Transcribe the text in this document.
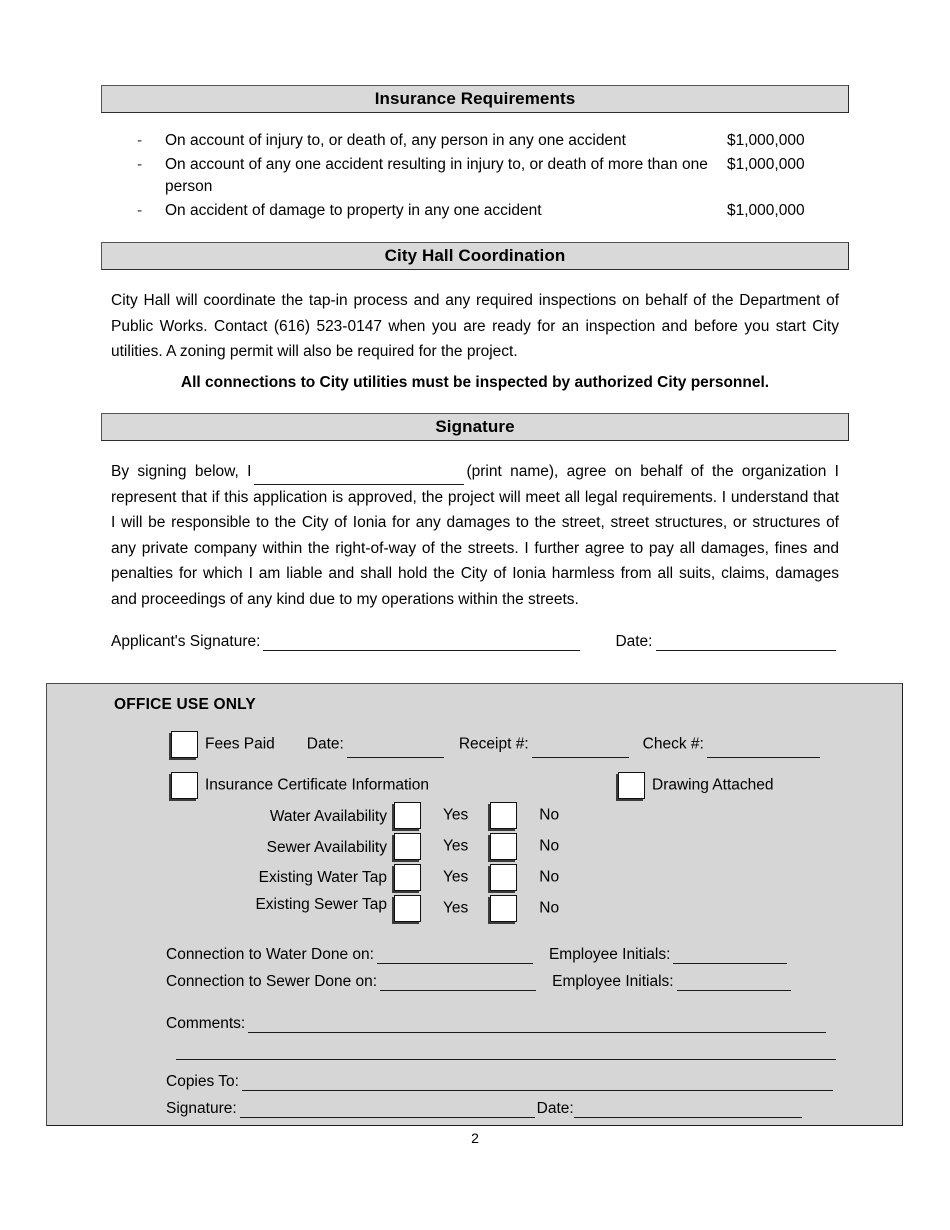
Insurance Requirements
- On account of injury to, or death of, any person in any one accident	$1,000,000
- On account of any one accident resulting in injury to, or death of more than one person
$1,000,000
- On accident of damage to property in any one accident	$1,000,000
City Hall Coordination
City Hall will coordinate the tap-in process and any required inspections on behalf of the Department of Public Works. Contact (616) 523-0147 when you are ready for an inspection and before you start City utilities. A zoning permit will also be required for the project.
All connections to City utilities must be inspected by authorized City personnel.
Signature
By signing below, I	(print name), agree on behalf of the organization I represent that if this application is approved, the project will meet all legal requirements. I understand that I will be responsible to the City of Ionia for any damages to the street, street structures, or structures of any private company within the right-of-way of the streets. I further agree to pay all damages, fines and penalties for which I am liable and shall hold the City of Ionia harmless from all suits, claims, damages and proceedings of any kind due to my operations within the streets.
Applicant's Signature:	Date:
OFFICE USE ONLY
Fees Paid Date:	Receipt #:	Check #:
Insurance Certificate Information	Drawing Attached
Water Availability	Yes	No
Sewer Availability	Yes	No
Existing Water Tap	Yes	No
Existing Sewer Tap	Yes	No
Connection to Water Done on:	Employee Initials:
Connection to Sewer Done on:	Employee Initials:
Comments:
Copies To:
Signature:	Date:
2
